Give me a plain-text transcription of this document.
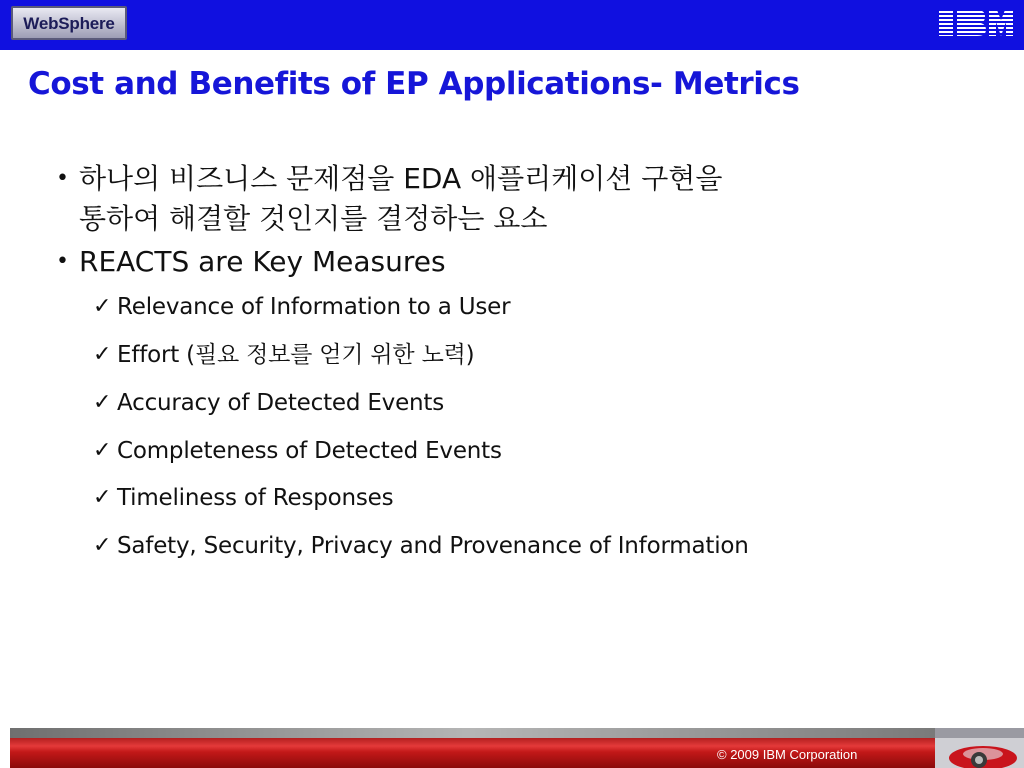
WebSphere
Cost and Benefits of EP Applications- Metrics
• 하나의 비즈니스 문제점을 EDA 애플리케이션 구현을
통하여 해결할 것인지를 결정하는 요소
• REACTS are Key Measures
✓ Relevance of Information to a User
✓ Effort (필요 정보를 얻기 위한 노력)
✓ Accuracy of Detected Events
✓ Completeness of Detected Events
✓ Timeliness of Responses
✓ Safety, Security, Privacy and Provenance of Information
© 2009 IBM Corporation
